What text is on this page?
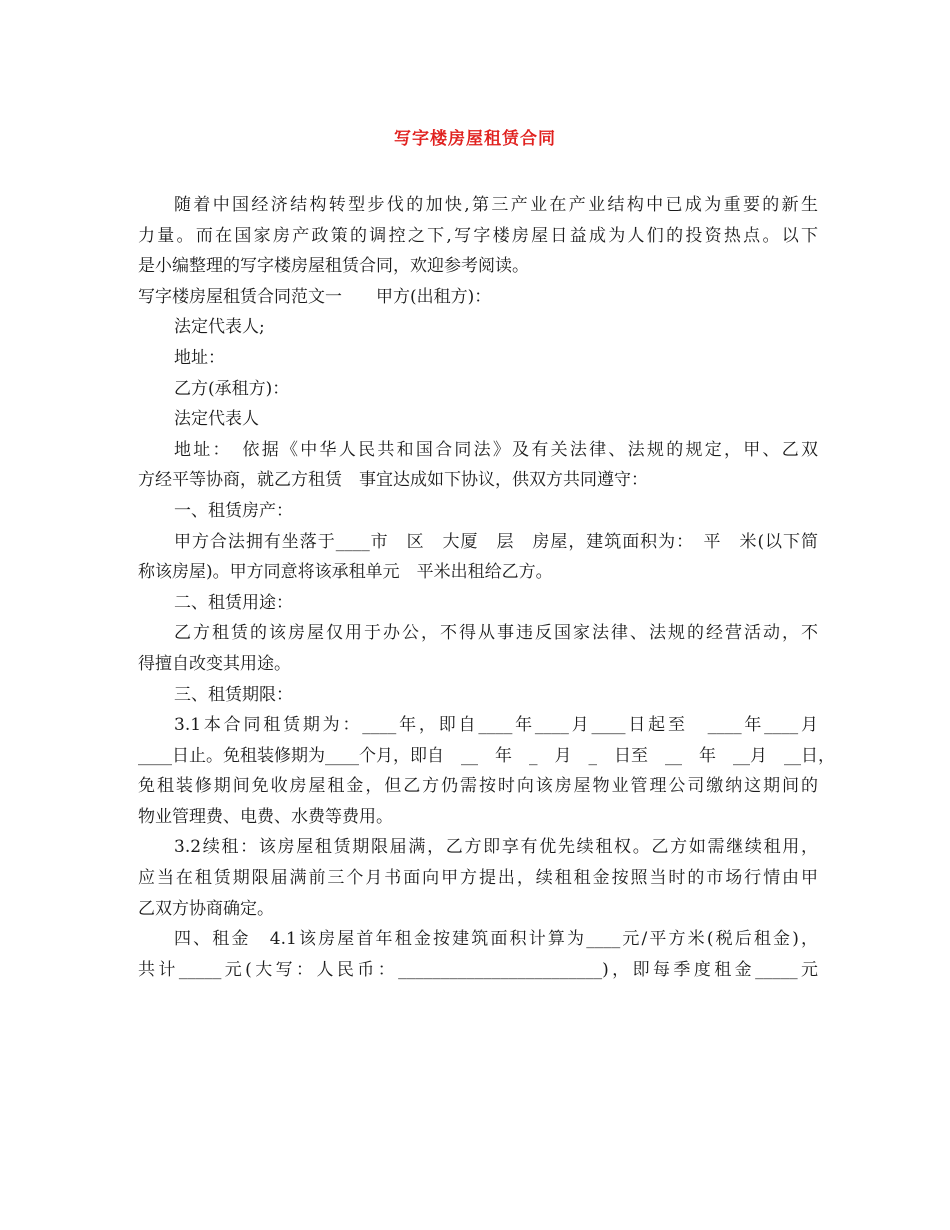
写字楼房屋租赁合同
随着中国经济结构转型步伐的加快,第三产业在产业结构中已成为重要的新生
力量。而在国家房产政策的调控之下,写字楼房屋日益成为人们的投资热点。以下
是小编整理的写字楼房屋租赁合同，欢迎参考阅读。
写字楼房屋租赁合同范文一　　甲方(出租方)：
法定代表人;
地址：
乙方(承租方)：
法定代表人
地址：　依据《中华人民共和国合同法》及有关法律、法规的规定，甲、乙双
方经平等协商，就乙方租赁　事宜达成如下协议，供双方共同遵守：
一、租赁房产：
甲方合法拥有坐落于____市　区　大厦　层　房屋，建筑面积为：　平　米(以下简
称该房屋)。甲方同意将该承租单元　平米出租给乙方。
二、租赁用途：
乙方租赁的该房屋仅用于办公，不得从事违反国家法律、法规的经营活动，不
得擅自改变其用途。
三、租赁期限：
3.1本合同租赁期为：____年，即自____年____月____日起至　____年____月
____日止。免租装修期为____个月，即自　__　年　_　月　_　日至　__　年　__月　__日，
免租装修期间免收房屋租金，但乙方仍需按时向该房屋物业管理公司缴纳这期间的
物业管理费、电费、水费等费用。
3.2续租：该房屋租赁期限届满，乙方即享有优先续租权。乙方如需继续租用，
应当在租赁期限届满前三个月书面向甲方提出，续租租金按照当时的市场行情由甲
乙双方协商确定。
四、租金　4.1该房屋首年租金按建筑面积计算为____元/平方米(税后租金)，
共计_____元(大写：人民币：________________________)，即每季度租金_____元
